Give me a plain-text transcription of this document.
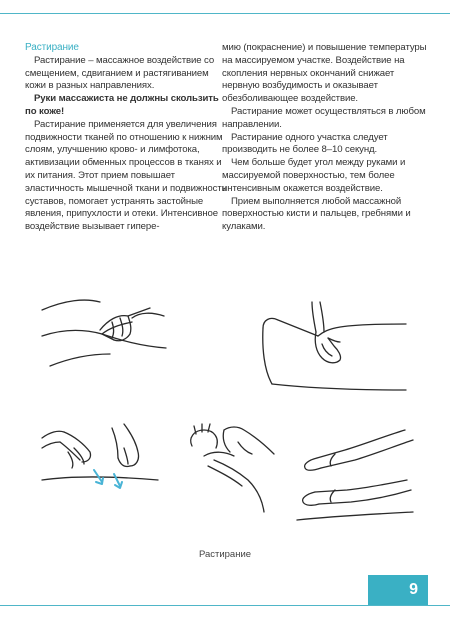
Растирание

Растирание – массажное воздействие со смещением, сдвиганием и растягиванием кожи в разных направлениях.

Руки массажиста не должны скользить по коже!

Растирание применяется для увеличения подвижности тканей по отношению к нижним слоям, улучшению крово- и лимфотока, активизации обменных процессов в тканях и их питания. Этот прием повышает эластичность мышечной ткани и подвижность суставов, помогает устранять застойные явления, припухлости и отеки. Интенсивное воздействие вызывает гипере-

мию (покраснение) и повышение температуры на массируемом участке. Воздействие на скопления нервных окончаний снижает нервную возбудимость и оказывает обезболивающее воздействие.

Растирание может осуществляться в любом направлении.

Растирание одного участка следует производить не более 8–10 секунд.

Чем больше будет угол между руками и массируемой поверхностью, тем более интенсивным окажется воздействие.

Прием выполняется любой массажной поверхностью кисти и пальцев, гребнями и кулаками.

Растирание
9
